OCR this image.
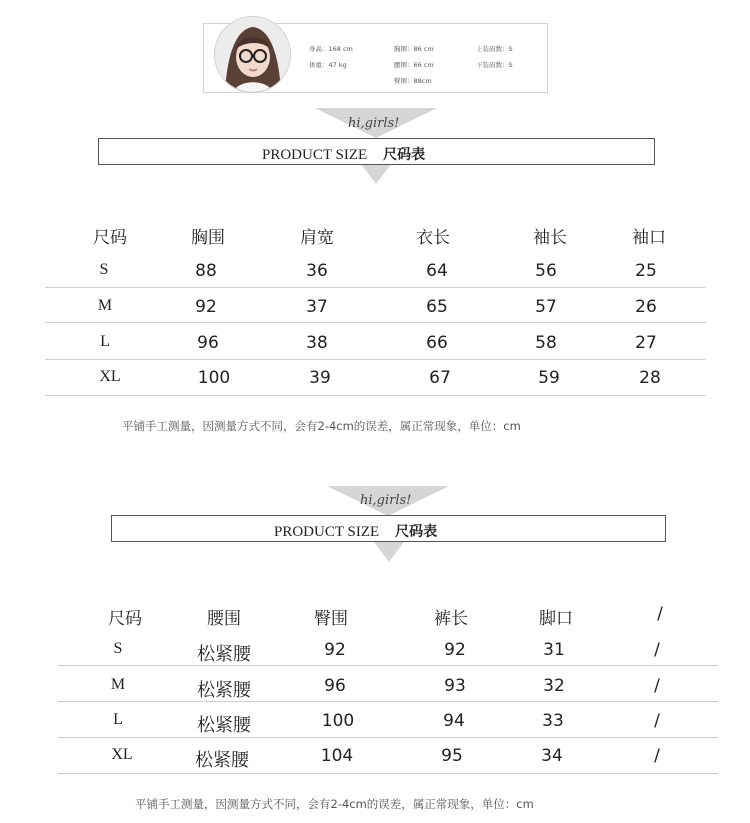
身高：168 cm
体重：47 kg
胸围：86 cm
腰围：66 cm
臀围：88cm
上装码数：S
下装码数：S
hi,girls!
PRODUCT SIZE 尺码表
尺码	胸围	肩宽	衣长	袖长	袖口
S	88	36	64	56	25
M	92	37	65	57	26
L	96	38	66	58	27
XL	100	39	67	59	28
平铺手工测量，因测量方式不同，会有2-4cm的误差，属正常现象，单位：cm
hi,girls!
PRODUCT SIZE 尺码表
尺码	腰围	臀围	裤长	脚口	/
S	松紧腰	92	92	31	/
M	松紧腰	96	93	32	/
L	松紧腰	100	94	33	/
XL	松紧腰	104	95	34	/
平铺手工测量，因测量方式不同，会有2-4cm的误差，属正常现象，单位：cm
